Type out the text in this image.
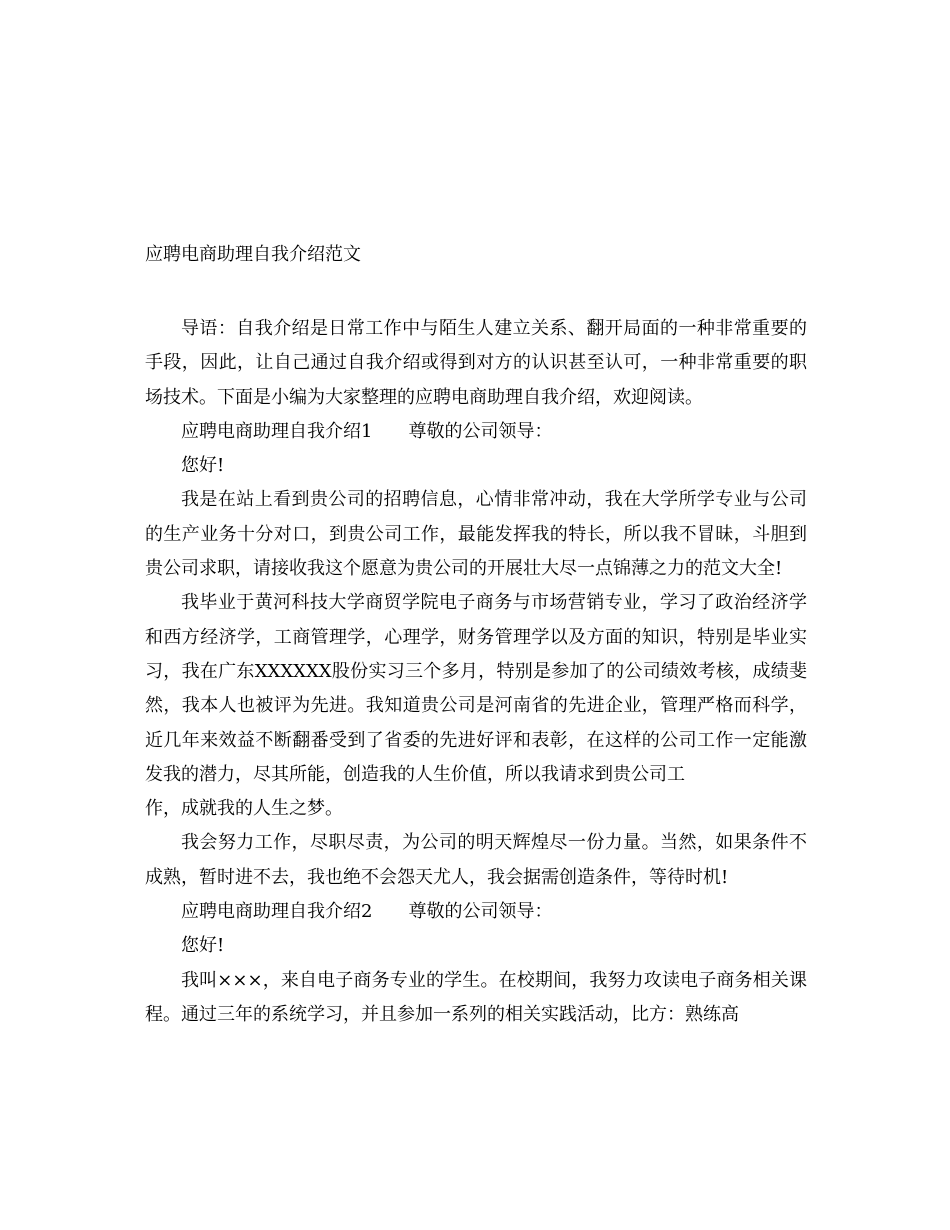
应聘电商助理自我介绍范文

导语：自我介绍是日常工作中与陌生人建立关系、翻开局面的一种非常重要的手段，因此，让自己通过自我介绍或得到对方的认识甚至认可，一种非常重要的职场技术。下面是小编为大家整理的应聘电商助理自我介绍，欢迎阅读。

应聘电商助理自我介绍1 尊敬的公司领导：

您好!

我是在站上看到贵公司的招聘信息，心情非常冲动，我在大学所学专业与公司的生产业务十分对口，到贵公司工作，最能发挥我的特长，所以我不冒昧，斗胆到贵公司求职，请接收我这个愿意为贵公司的开展壮大尽一点锦薄之力的范文大全!

我毕业于黄河科技大学商贸学院电子商务与市场营销专业，学习了政治经济学和西方经济学，工商管理学，心理学，财务管理学以及方面的知识，特别是毕业实习，我在广东XXXXXX股份实习三个多月，特别是参加了的公司绩效考核，成绩斐然，我本人也被评为先进。我知道贵公司是河南省的先进企业，管理严格而科学，近几年来效益不断翻番受到了省委的先进好评和表彰，在这样的公司工作一定能激发我的潜力，尽其所能，创造我的人生价值，所以我请求到贵公司工

作，成就我的人生之梦。

我会努力工作，尽职尽责，为公司的明天辉煌尽一份力量。当然，如果条件不成熟，暂时进不去，我也绝不会怨天尤人，我会据需创造条件，等待时机!

应聘电商助理自我介绍2 尊敬的公司领导：

您好!

我叫×××，来自电子商务专业的学生。在校期间，我努力攻读电子商务相关课程。通过三年的系统学习，并且参加一系列的相关实践活动，比方：熟练高
